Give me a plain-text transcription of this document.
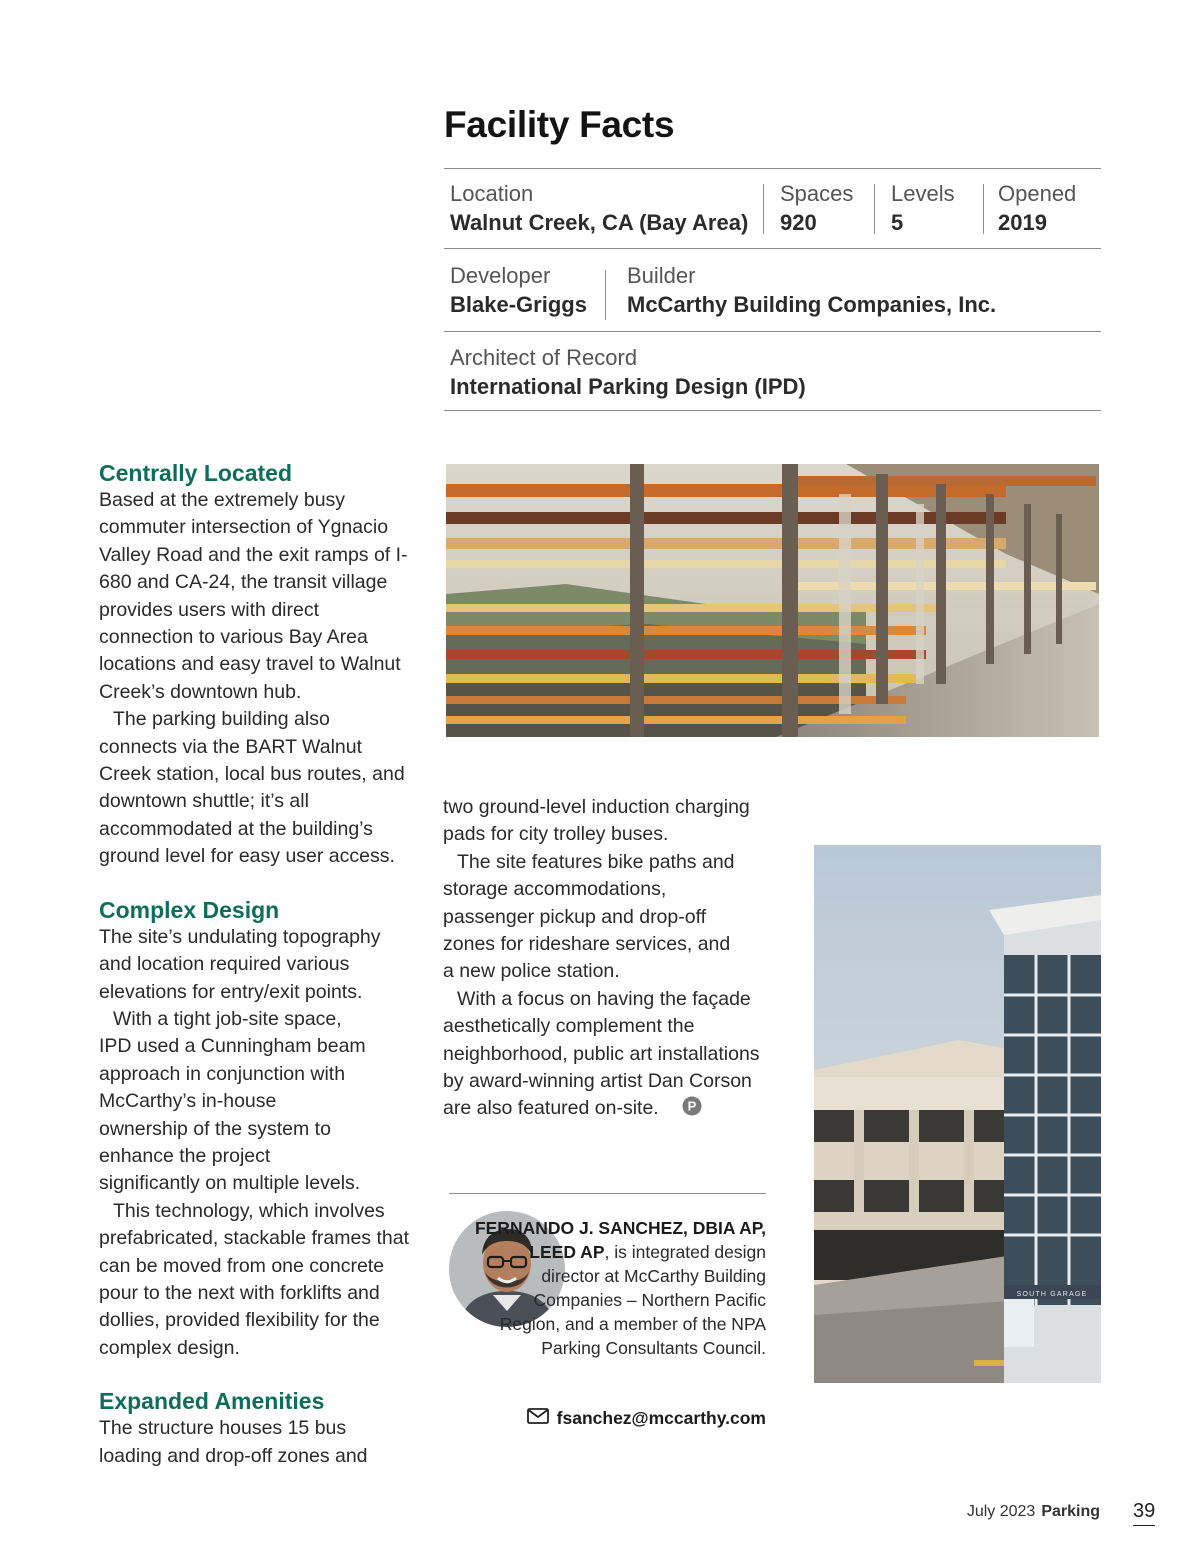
Facility Facts
Location
Walnut Creek, CA (Bay Area)
Spaces
920
Levels
5
Opened
2019
Developer
Blake-Griggs
Builder
McCarthy Building Companies, Inc.
Architect of Record
International Parking Design (IPD)
Centrally Located

Based at the extremely busy commuter intersection of Ygnacio Valley Road and the exit ramps of I-680 and CA-24, the transit village provides users with direct connection to various Bay Area locations and easy travel to Walnut Creek’s downtown hub.

The parking building also connects via the BART Walnut Creek station, local bus routes, and downtown shuttle; it’s all accommodated at the building’s ground level for easy user access.

Complex Design

The site’s undulating topography and location required various elevations for entry/exit points.

With a tight job-site space, IPD used a Cunningham beam approach in conjunction with McCarthy’s in-house ownership of the system to enhance the project significantly on multiple levels.

This technology, which involves prefabricated, stackable frames that can be moved from one concrete pour to the next with forklifts and dollies, provided flexibility for the complex design.

Expanded Amenities

The structure houses 15 bus loading and drop-off zones and

two ground-level induction charging pads for city trolley buses.

The site features bike paths and storage accommodations, passenger pickup and drop-off zones for rideshare services, and a new police station.

With a focus on having the façade aesthetically complement the neighborhood, public art installations by award-winning artist Dan Corson are also featured on-site. P

FERNANDO J. SANCHEZ, DBIA AP, LEED AP, is integrated design director at McCarthy Building Companies – Northern Pacific Region, and a member of the NPA Parking Consultants Council.
fsanchez@mccarthy.com
SOUTH GARAGE
July 2023 Parking 39
